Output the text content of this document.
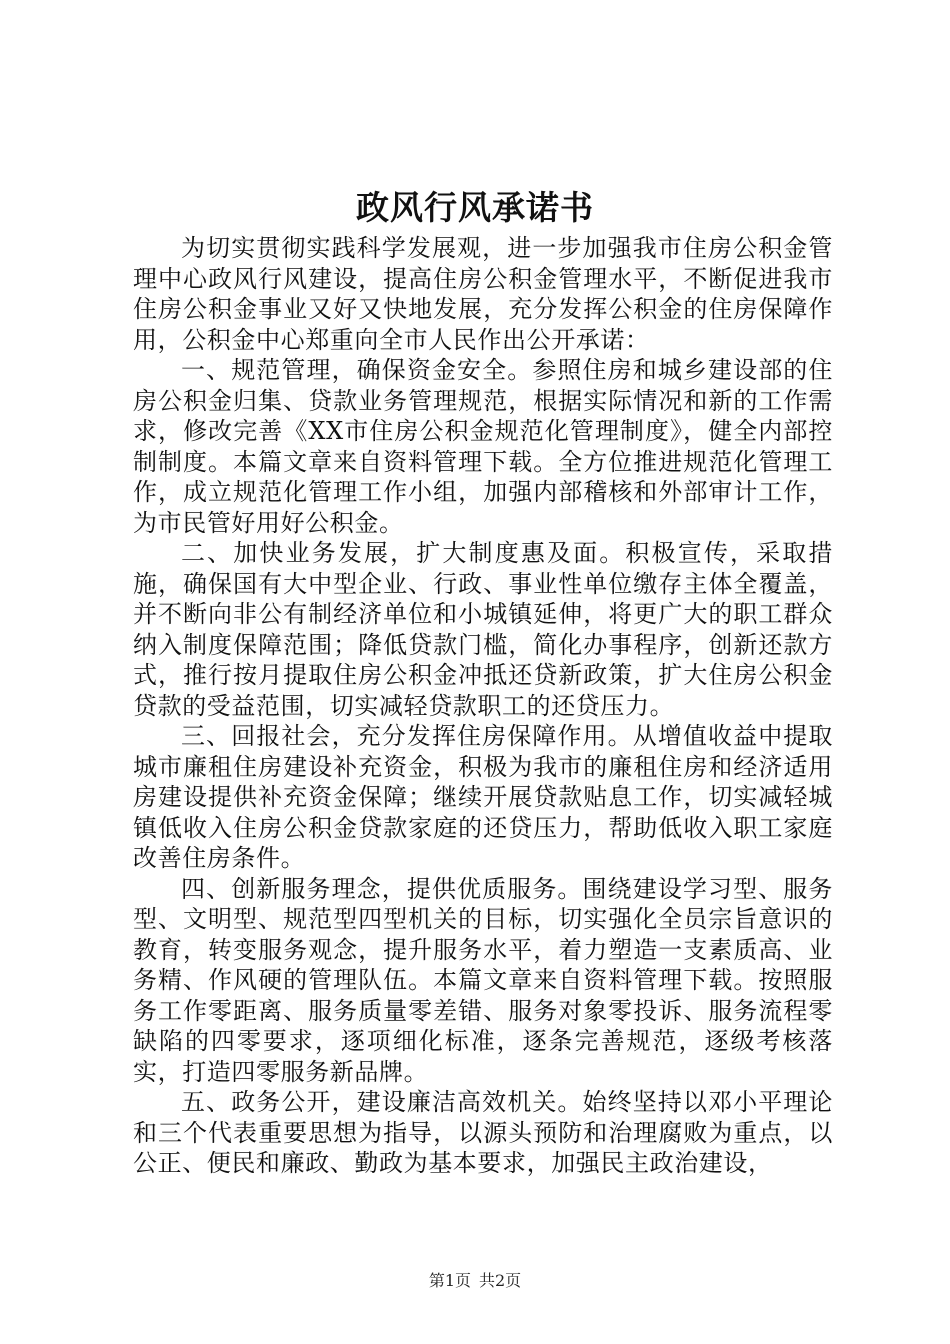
政风行风承诺书

为切实贯彻实践科学发展观，进一步加强我市住房公积金管理中心政风行风建设，提高住房公积金管理水平，不断促进我市住房公积金事业又好又快地发展，充分发挥公积金的住房保障作用，公积金中心郑重向全市人民作出公开承诺：

一、规范管理，确保资金安全。参照住房和城乡建设部的住房公积金归集、贷款业务管理规范，根据实际情况和新的工作需求，修改完善《XX市住房公积金规范化管理制度》，健全内部控制制度。本篇文章来自资料管理下载。全方位推进规范化管理工作，成立规范化管理工作小组，加强内部稽核和外部审计工作，为市民管好用好公积金。

二、加快业务发展，扩大制度惠及面。积极宣传，采取措施，确保国有大中型企业、行政、事业性单位缴存主体全覆盖，并不断向非公有制经济单位和小城镇延伸，将更广大的职工群众纳入制度保障范围；降低贷款门槛，简化办事程序，创新还款方式，推行按月提取住房公积金冲抵还贷新政策，扩大住房公积金贷款的受益范围，切实减轻贷款职工的还贷压力。

三、回报社会，充分发挥住房保障作用。从增值收益中提取城市廉租住房建设补充资金，积极为我市的廉租住房和经济适用房建设提供补充资金保障；继续开展贷款贴息工作，切实减轻城镇低收入住房公积金贷款家庭的还贷压力，帮助低收入职工家庭改善住房条件。

四、创新服务理念，提供优质服务。围绕建设学习型、服务型、文明型、规范型四型机关的目标，切实强化全员宗旨意识的教育，转变服务观念，提升服务水平，着力塑造一支素质高、业务精、作风硬的管理队伍。本篇文章来自资料管理下载。按照服务工作零距离、服务质量零差错、服务对象零投诉、服务流程零缺陷的四零要求，逐项细化标准，逐条完善规范，逐级考核落实，打造四零服务新品牌。

五、政务公开，建设廉洁高效机关。始终坚持以邓小平理论和三个代表重要思想为指导，以源头预防和治理腐败为重点，以公正、便民和廉政、勤政为基本要求，加强民主政治建设，

第1页 共2页
